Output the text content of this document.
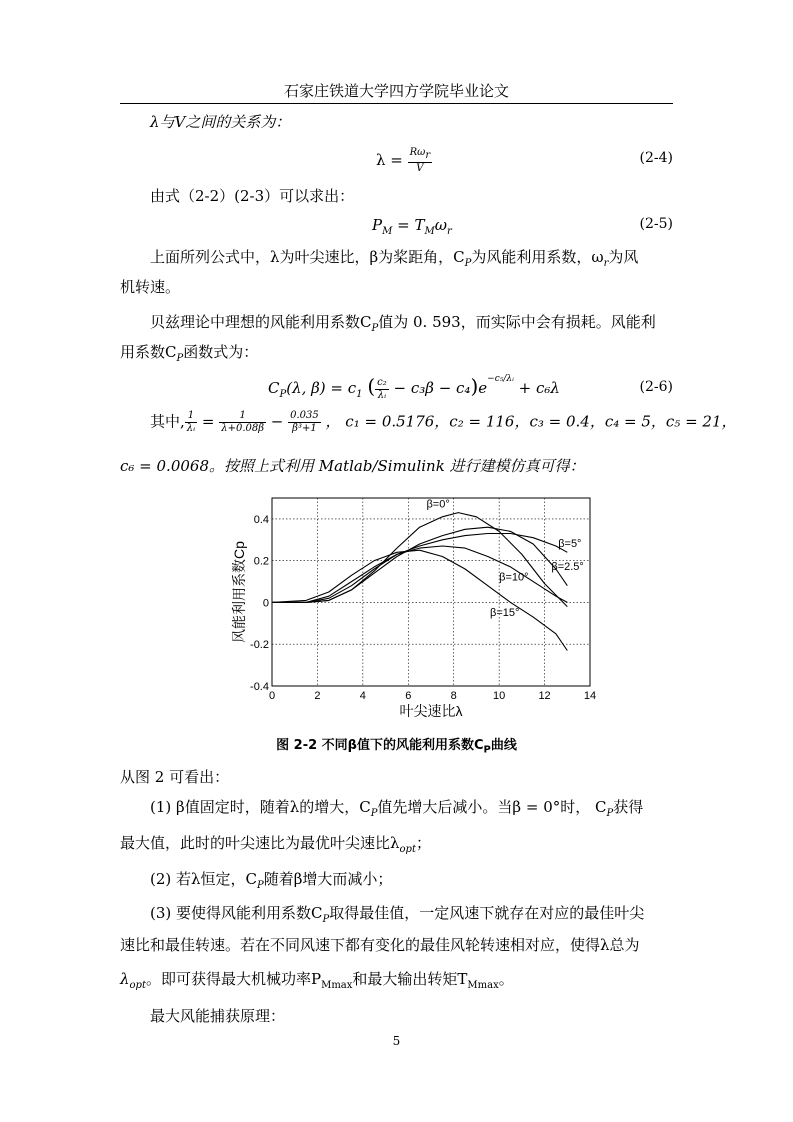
石家庄铁道大学四方学院毕业论文
λ与V之间的关系为：
$\lambda = \frac{R\omega_r}{V}$	(2-4)
由式（2-2）(2-3）可以求出：
$P_M = T_M\omega_r$	(2-5)
上面所列公式中，λ为叶尖速比，β为桨距角，$C_P$为风能利用系数，$\omega_r$为风
机转速。
贝兹理论中理想的风能利用系数$C_P$值为 0. 593，而实际中会有损耗。风能利
用系数$C_P$函数式为：
$C_P(\lambda$, $\beta) = c_1$ ( $\frac{\text{c₂}}{\text{λᵢ}} - c_3\beta - c_4)e^{-c_5/\lambda ᵢ} + c_6\lambda$	(2-6)
其中, $\frac{1}{\text{λᵢ}} = \frac{1}{\lambda+0.08\beta} - \frac{0.035}{\text{β³+1}}$ ， c₁ = 0.5176，c₂ = 116，c₃ = 0.4，c₄ = 5，c₅ = 21，
c₆ = 0.0068。按照上式利用 Matlab/Simulink 进行建模仿真可得：
0	2	4	6	8	10	12	14
-0.4
-0.2
0
0.2
0.4
β=0°
β=5°
β=2.5°
β=10°
β=15°
叶尖速比λ
风能利用系数Cp
图 2-2 不同β值下的风能利用系数$C_P$曲线
从图 2 可看出：
(1) β值固定时，随着λ的增大，$C_P$值先增大后减小。当β = 0°时， $C_P$获得
最大值，此时的叶尖速比为最优叶尖速比$\lambda_{opt}$；
(2) 若λ恒定，$C_P$随着β增大而减小；
(3) 要使得风能利用系数$C_P$取得最佳值，一定风速下就存在对应的最佳叶尖
速比和最佳转速。若在不同风速下都有变化的最佳风轮转速相对应，使得λ总为
$\lambda_{opt}$。即可获得最大机械功率$P_{Mmax}$和最大输出转矩$T_{Mmax}$。
最大风能捕获原理：
5
